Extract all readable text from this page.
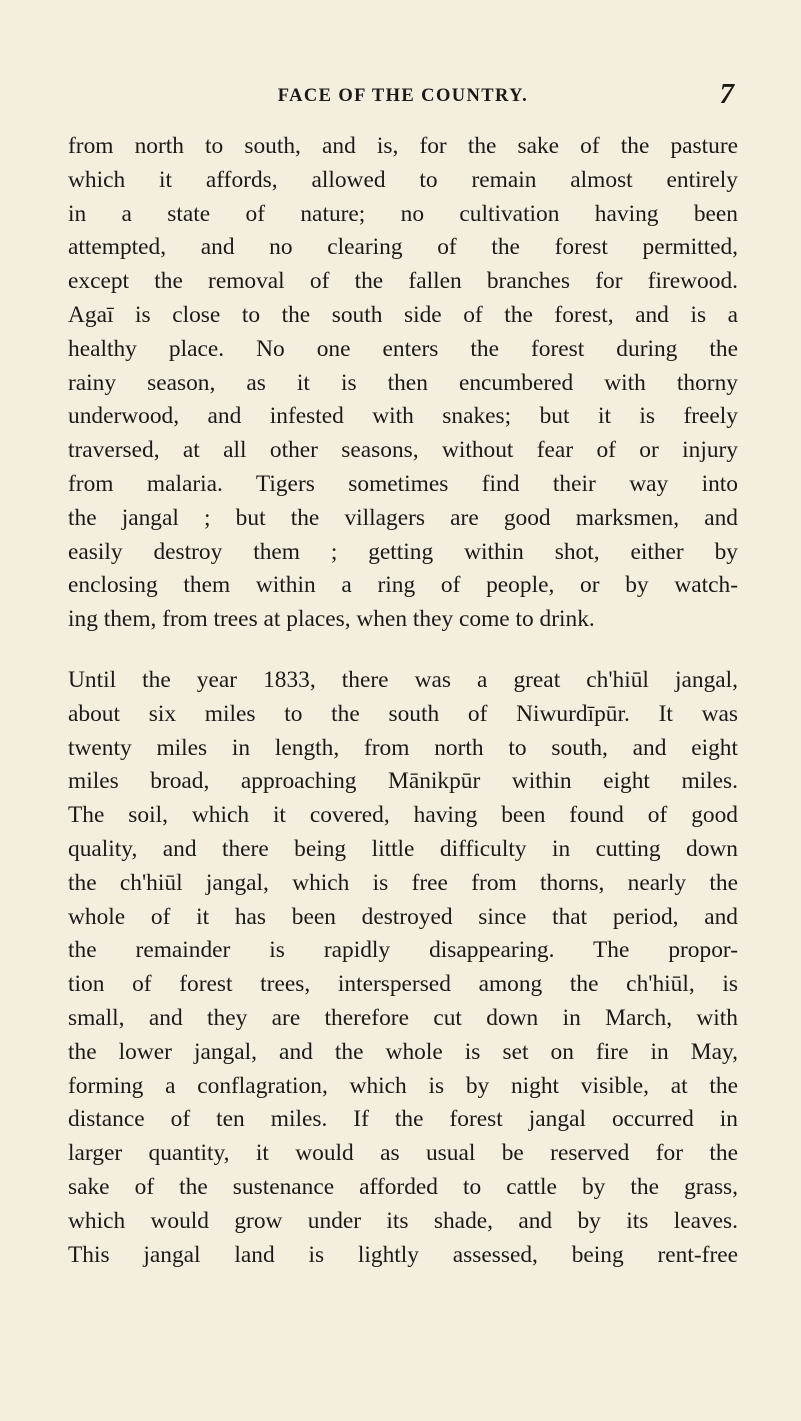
FACE OF THE COUNTRY.	7
from north to south, and is, for the sake of the pasture
which it affords, allowed to remain almost entirely
in a state of nature; no cultivation having been
attempted, and no clearing of the forest permitted,
except the removal of the fallen branches for firewood.
Agaī is close to the south side of the forest, and is a
healthy place. No one enters the forest during the
rainy season, as it is then encumbered with thorny
underwood, and infested with snakes; but it is freely
traversed, at all other seasons, without fear of or injury
from malaria. Tigers sometimes find their way into
the jangal ; but the villagers are good marksmen, and
easily destroy them ; getting within shot, either by
enclosing them within a ring of people, or by watch-
ing them, from trees at places, when they come to drink.
Until the year 1833, there was a great ch'hiūl jangal,
about six miles to the south of Niwurdīpūr. It was
twenty miles in length, from north to south, and eight
miles broad, approaching Mānikpūr within eight miles.
The soil, which it covered, having been found of good
quality, and there being little difficulty in cutting down
the ch'hiūl jangal, which is free from thorns, nearly the
whole of it has been destroyed since that period, and
the remainder is rapidly disappearing. The propor-
tion of forest trees, interspersed among the ch'hiūl, is
small, and they are therefore cut down in March, with
the lower jangal, and the whole is set on fire in May,
forming a conflagration, which is by night visible, at the
distance of ten miles. If the forest jangal occurred in
larger quantity, it would as usual be reserved for the
sake of the sustenance afforded to cattle by the grass,
which would grow under its shade, and by its leaves.
This jangal land is lightly assessed, being rent-free
